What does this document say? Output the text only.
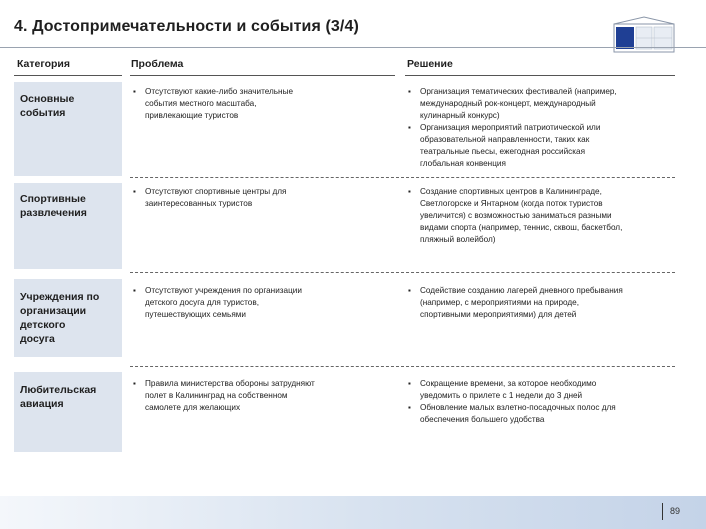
4. Достопримечательности и события (3/4)
Категория	Проблема	Решение
Основные
события
▪ Отсутствуют какие-либо значительные
события местного масштаба,
привлекающие туристов
▪ Организация тематических фестивалей (например,
международный рок-концерт, международный
кулинарный конкурс)
▪ Организация мероприятий патриотической или
образовательной направленности, таких как
театральные пьесы, ежегодная российская
глобальная конвенция
Спортивные
развлечения
▪ Отсутствуют спортивные центры для
заинтересованных туристов
▪ Создание спортивных центров в Калининграде,
Светлогорске и Янтарном (когда поток туристов
увеличится) с возможностью заниматься разными
видами спорта (например, теннис, сквош, баскетбол,
пляжный волейбол)
Учреждения по
организации
детского
досуга
▪ Отсутствуют учреждения по организации
детского досуга для туристов,
путешествующих семьями
▪ Содействие созданию лагерей дневного пребывания
(например, с мероприятиями на природе,
спортивными мероприятиями) для детей
Любительская
авиация
▪ Правила министерства обороны затрудняют
полет в Калининград на собственном
самолете для желающих
▪ Сокращение времени, за которое необходимо
уведомить о прилете с 1 недели до 3 дней
▪ Обновление малых взлетно-посадочных полос для
обеспечения большего удобства
89
